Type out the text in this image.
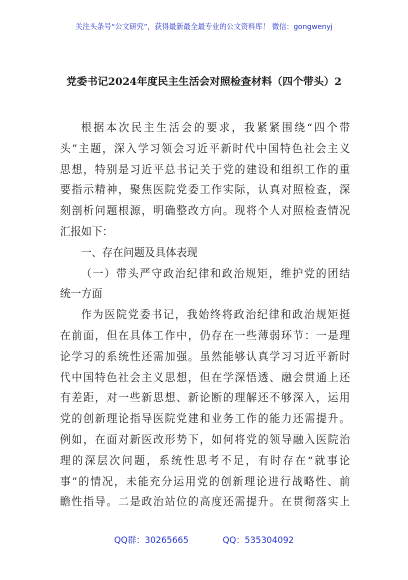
关注头条号“公文研究”，获得最新最全最专业的公文资料库！ 微信：gongwenyj
党委书记2024年度民主生活会对照检查材料（四个带头）2

根据本次民主生活会的要求，我紧紧围绕“四个带
头”主题，深入学习领会习近平新时代中国特色社会主义
思想，特别是习近平总书记关于党的建设和组织工作的重
要指示精神，聚焦医院党委工作实际，认真对照检查，深
刻剖析问题根源，明确整改方向。现将个人对照检查情况
汇报如下：

一、存在问题及具体表现

（一）带头严守政治纪律和政治规矩，维护党的团结
统一方面

作为医院党委书记，我始终将政治纪律和政治规矩挺
在前面，但在具体工作中，仍存在一些薄弱环节：一是理
论学习的系统性还需加强。虽然能够认真学习习近平新时
代中国特色社会主义思想，但在学深悟透、融会贯通上还
有差距，对一些新思想、新论断的理解还不够深入，运用
党的创新理论指导医院党建和业务工作的能力还需提升。
例如，在面对新医改形势下，如何将党的领导融入医院治
理的深层次问题，系统性思考不足，有时存在“就事论
事”的情况，未能充分运用党的创新理论进行战略性、前
瞻性指导。二是政治站位的高度还需提升。在贯彻落实上

QQ群：30265665	QQ：535304092
